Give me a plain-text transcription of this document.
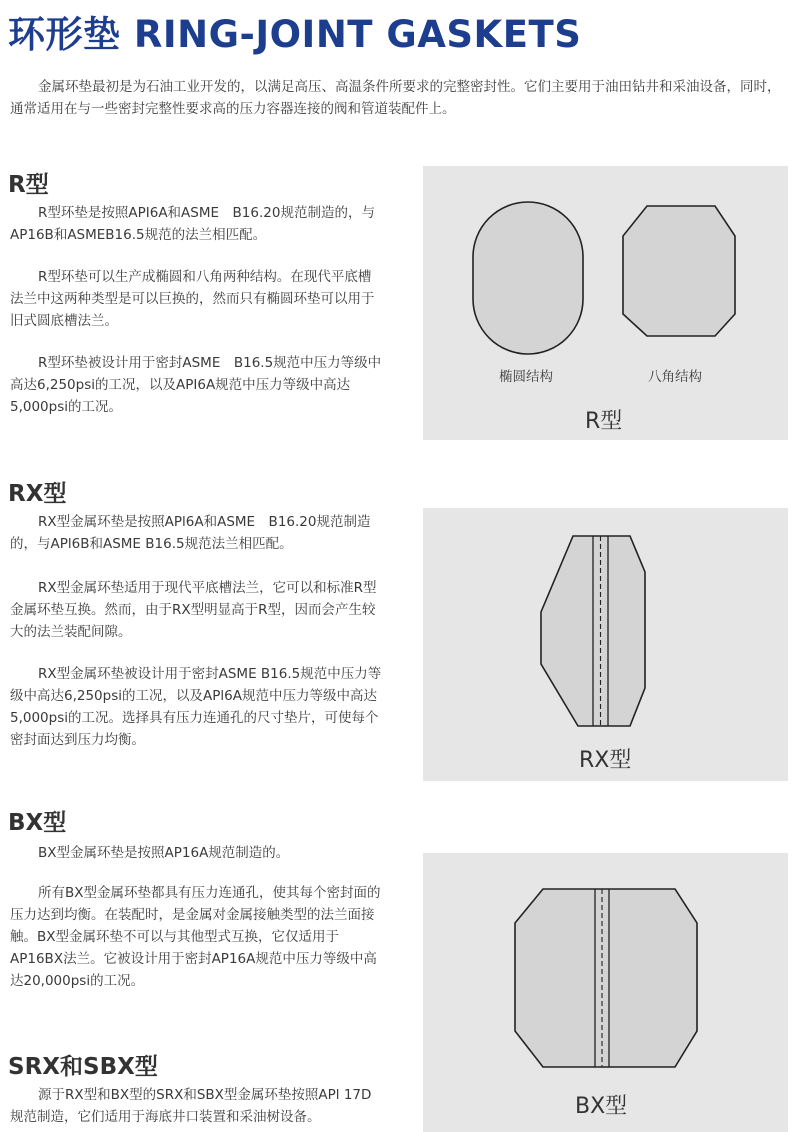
环形垫 RING-JOINT GASKETS

金属环垫最初是为石油工业开发的，以满足高压、高温条件所要求的完整密封性。它们主要用于油田钻井和采油设备，同时，通常适用在与一些密封完整性要求高的压力容器连接的阀和管道装配件上。

R型

R型环垫是按照API6A和ASME　B16.20规范制造的，与AP16B和ASMEB16.5规范的法兰相匹配。

R型环垫可以生产成椭圆和八角两种结构。在现代平底槽法兰中这两种类型是可以巨换的，然而只有椭圆环垫可以用于旧式圆底槽法兰。

R型环垫被设计用于密封ASME　B16.5规范中压力等级中高达6,250psi的工况，以及API6A规范中压力等级中高达5,000psi的工况。

椭圆结构	八角结构
R型
RX型

RX型金属环垫是按照APl6A和ASME　B16.20规范制造的，与APl6B和ASME B16.5规范法兰相匹配。

RX型金属环垫适用于现代平底槽法兰，它可以和标准R型金属环垫互换。然而，由于RX型明显高于R型，因而会产生较大的法兰装配间隙。

RX型金属环垫被设计用于密封ASME B16.5规范中压力等级中高达6,250psi的工况，以及APl6A规范中压力等级中高达5,000psi的工况。选择具有压力连通孔的尺寸垫片，可使每个密封面达到压力均衡。

RX型
BX型

BX型金属环垫是按照AP16A规范制造的。

所有BX型金属环垫都具有压力连通孔，使其每个密封面的压力达到均衡。在装配时，是金属对金属接触类型的法兰面接触。BX型金属环垫不可以与其他型式互换，它仅适用于AP16BX法兰。它被设计用于密封AP16A规范中压力等级中高达20,000psi的工况。

BX型
SRX和SBX型

源于RX型和BX型的SRX和SBX型金属环垫按照APl 17D规范制造，它们适用于海底井口装置和采油树设备。
